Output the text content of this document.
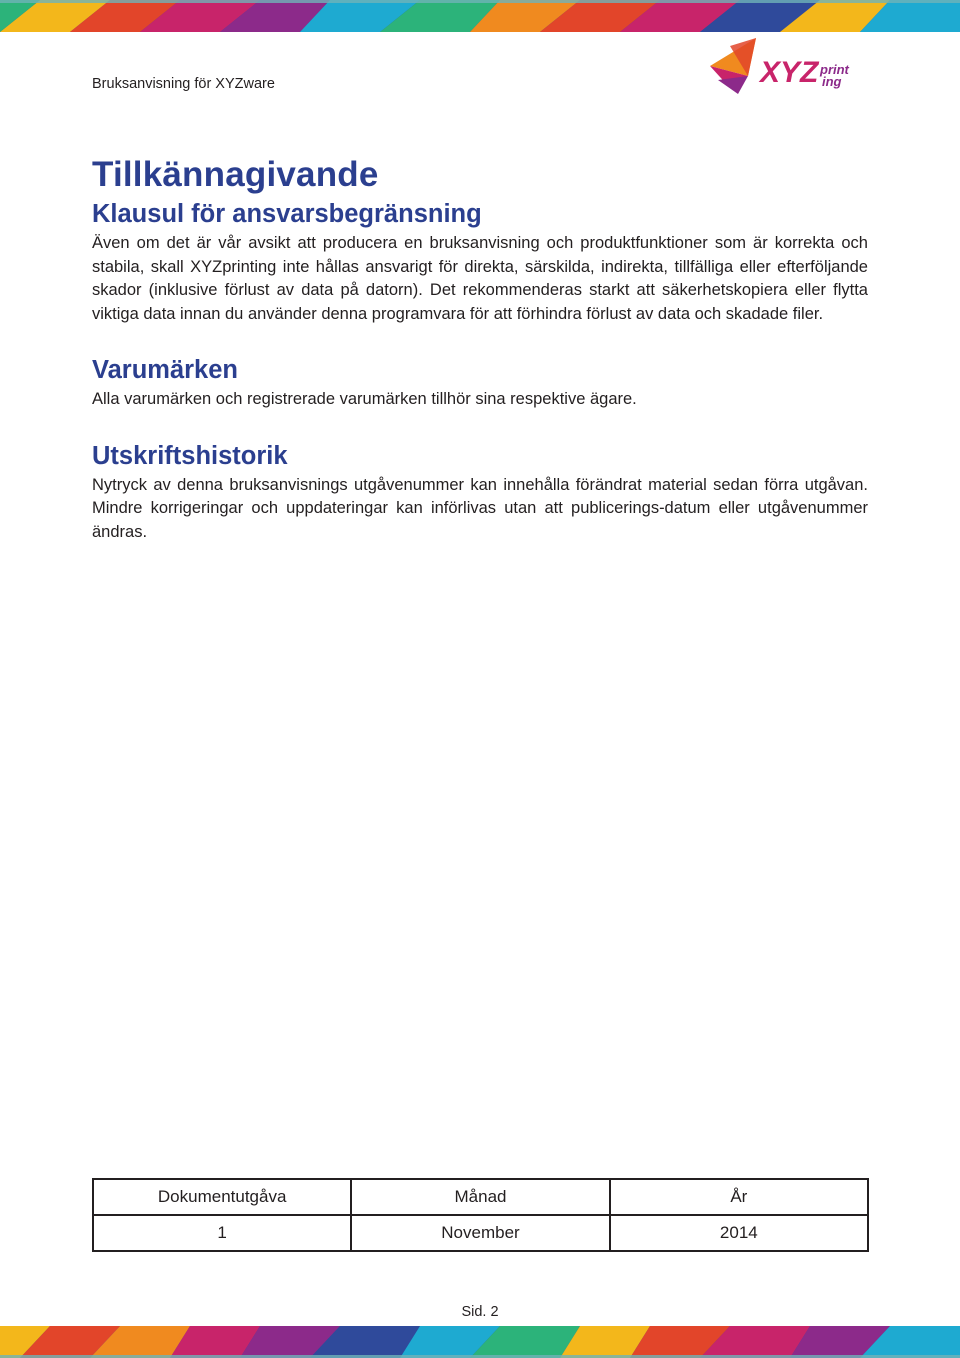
Bruksanvisning för XYZware	XYZ print
ing
Tillkännagivande
Klausul för ansvarsbegränsning

Även om det är vår avsikt att producera en bruksanvisning och produktfunktioner som är korrekta och stabila, skall XYZprinting inte hållas ansvarigt för direkta, särskilda, indirekta, tillfälliga eller efterföljande skador (inklusive förlust av data på datorn). Det rekommenderas starkt att säkerhetskopiera eller flytta viktiga data innan du använder denna programvara för att förhindra förlust av data och skadade filer.

Varumärken

Alla varumärken och registrerade varumärken tillhör sina respektive ägare.

Utskriftshistorik

Nytryck av denna bruksanvisnings utgåvenummer kan innehålla förändrat material sedan förra utgåvan. Mindre korrigeringar och uppdateringar kan införlivas utan att publicerings-datum eller utgåvenummer ändras.

Dokumentutgåva	Månad	År
1	November	2014
Sid. 2
